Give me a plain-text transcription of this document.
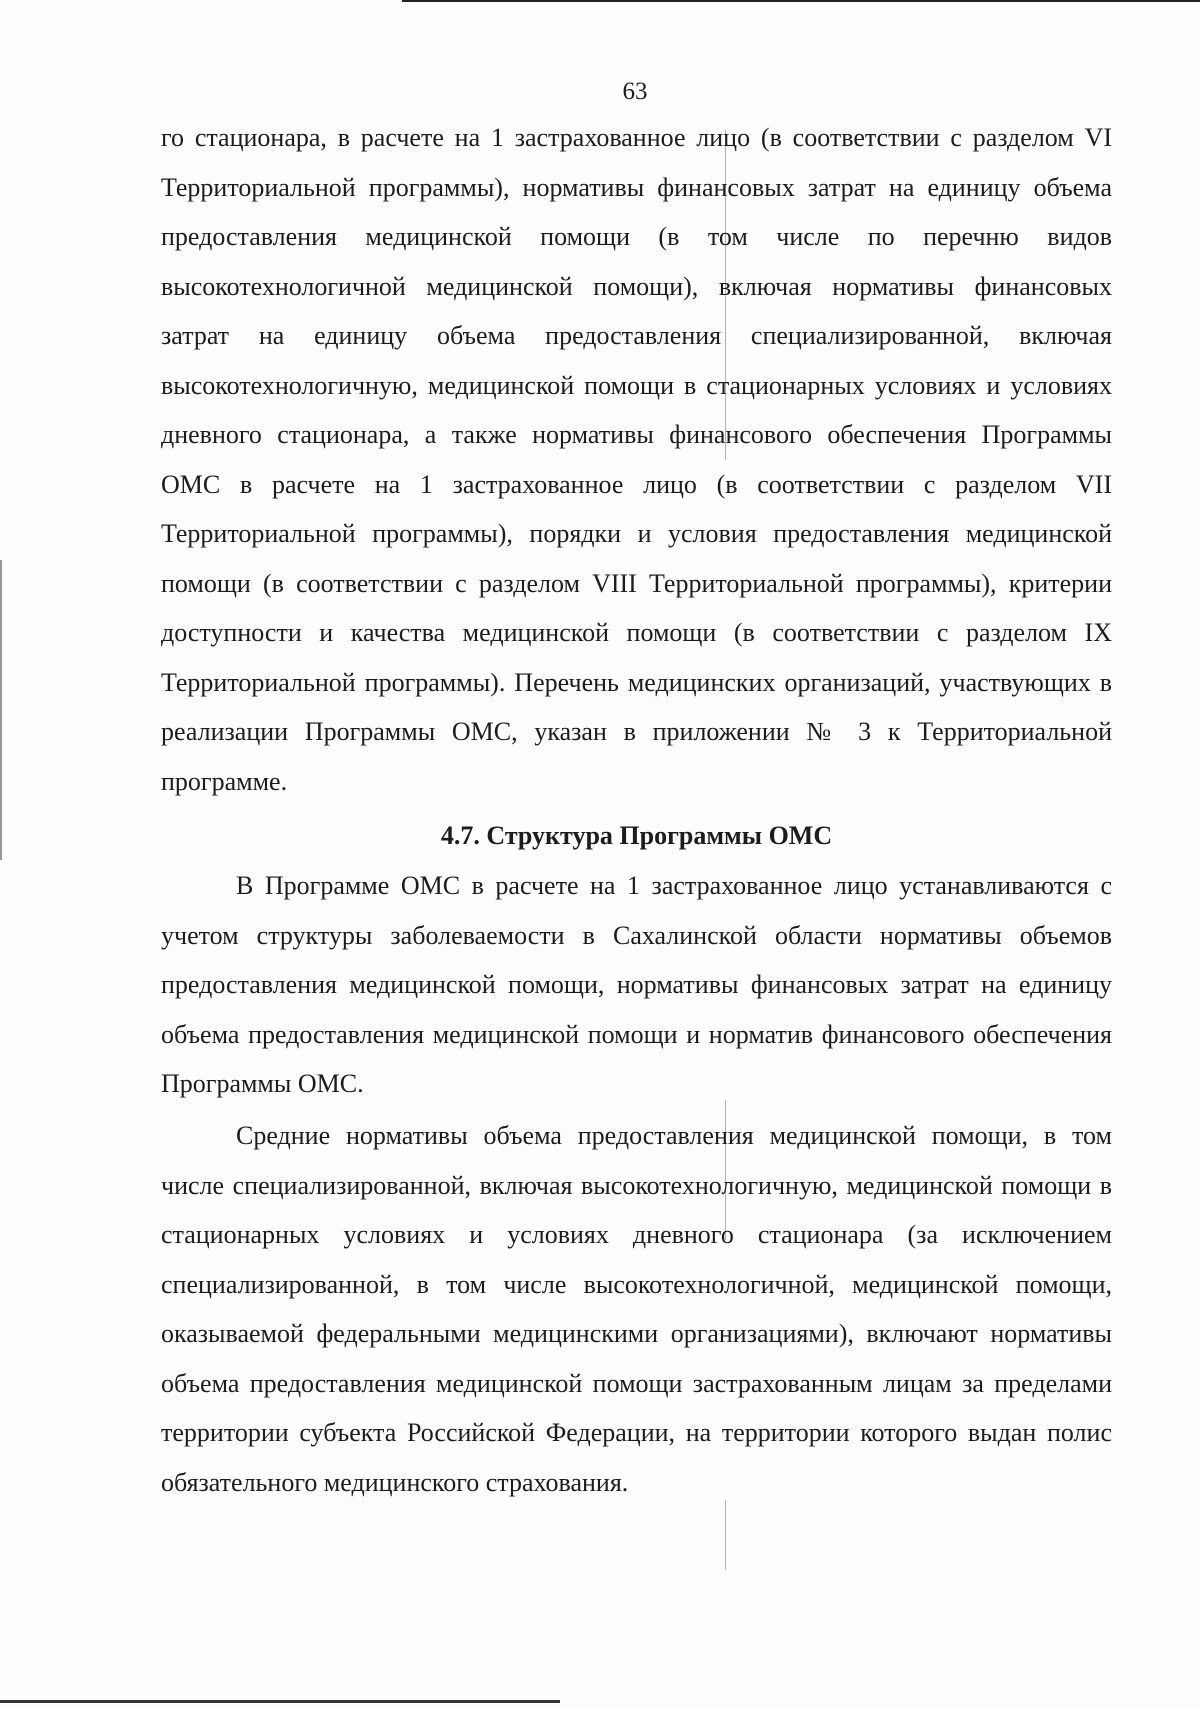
63

го стационара, в расчете на 1 застрахованное лицо (в соответствии с разделом VI Территориальной программы), нормативы финансовых затрат на единицу объема предоставления медицинской помощи (в том числе по перечню видов высокотехнологичной медицинской помощи), включая нормативы финансовых затрат на единицу объема предоставления специализированной, включая высокотехнологичную, медицинской помощи в стационарных условиях и условиях дневного стационара, а также нормативы финансового обеспечения Программы ОМС в расчете на 1 застрахованное лицо (в соответствии с разделом VII Территориальной программы), порядки и условия предоставления медицинской помощи (в соответствии с разделом VIII Территориальной программы), критерии доступности и качества медицинской помощи (в соответствии с разделом IX Территориальной программы). Перечень медицинских организаций, участвующих в реализации Программы ОМС, указан в приложении № 3 к Территориальной программе.

4.7. Структура Программы ОМС

В Программе ОМС в расчете на 1 застрахованное лицо устанавливаются с учетом структуры заболеваемости в Сахалинской области нормативы объемов предоставления медицинской помощи, нормативы финансовых затрат на единицу объема предоставления медицинской помощи и норматив финансового обеспечения Программы ОМС.

Средние нормативы объема предоставления медицинской помощи, в том числе специализированной, включая высокотехнологичную, медицинской помощи в стационарных условиях и условиях дневного стационара (за исключением специализированной, в том числе высокотехнологичной, медицинской помощи, оказываемой федеральными медицинскими организациями), включают нормативы объема предоставления медицинской помощи застрахованным лицам за пределами территории субъекта Российской Федерации, на территории которого выдан полис обязательного медицинского страхования.
